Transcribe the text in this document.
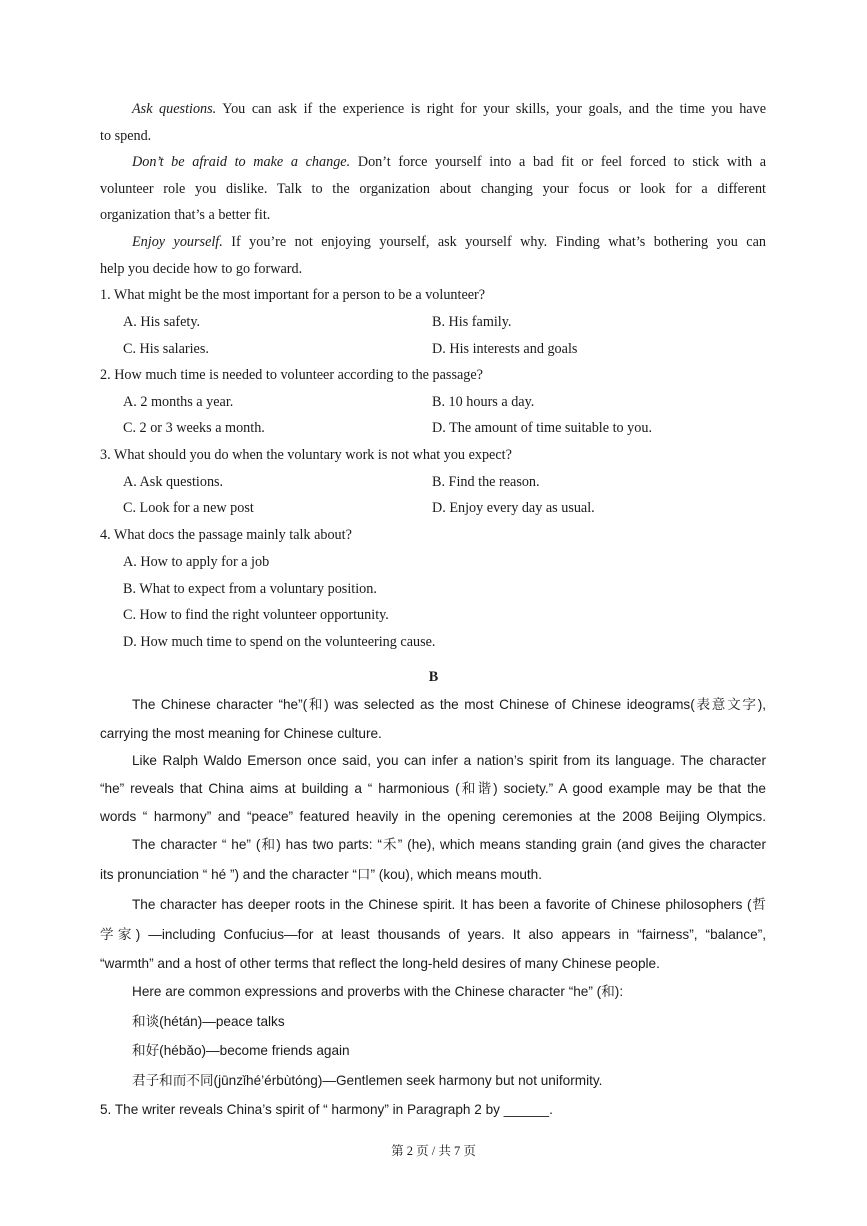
Ask questions. You can ask if the experience is right for your skills, your goals, and the time you have
to spend.
Don’t be afraid to make a change. Don’t force yourself into a bad fit or feel forced to stick with a
volunteer role you dislike. Talk to the organization about changing your focus or look for a different
organization that’s a better fit.
Enjoy yourself. If you’re not enjoying yourself, ask yourself why. Finding what’s bothering you can
help you decide how to go forward.
1. What might be the most important for a person to be a volunteer?
A. His safety.	B. His family.
C. His salaries.	D. His interests and goals
2. How much time is needed to volunteer according to the passage?
A. 2 months a year.	B. 10 hours a day.
C. 2 or 3 weeks a month.	D. The amount of time suitable to you.
3. What should you do when the voluntary work is not what you expect?
A. Ask questions.	B. Find the reason.
C. Look for a new post	D. Enjoy every day as usual.
4. What docs the passage mainly talk about?
A. How to apply for a job
B. What to expect from a voluntary position.
C. How to find the right volunteer opportunity.
D. How much time to spend on the volunteering cause.
B
The Chinese character “he”(和) was selected as the most Chinese of Chinese ideograms(表意文字),
carrying the most meaning for Chinese culture.
Like Ralph Waldo Emerson once said, you can infer a nation’s spirit from its language. The character
“he” reveals that China aims at building a “ harmonious (和谐) society.” A good example may be that the
words “ harmony” and “peace” featured heavily in the opening ceremonies at the 2008 Beijing Olympics.
The character “ he” (和) has two parts: “禾” (he), which means standing grain (and gives the character
its pronunciation “ hé ”) and the character “口” (kou), which means mouth.
The character has deeper roots in the Chinese spirit. It has been a favorite of Chinese philosophers (哲
学家) —including Confucius—for at least thousands of years. It also appears in “fairness”, “balance”,
“warmth” and a host of other terms that reflect the long-held desires of many Chinese people.
Here are common expressions and proverbs with the Chinese character “he” (和):
和谈(hétán)—peace talks
和好(hébǎo)—become friends again
君子和而不同(jūnzǐhé’érbùtóng)—Gentlemen seek harmony but not uniformity.
5. The writer reveals China’s spirit of “ harmony” in Paragraph 2 by ______.
第 2 页 / 共 7 页
